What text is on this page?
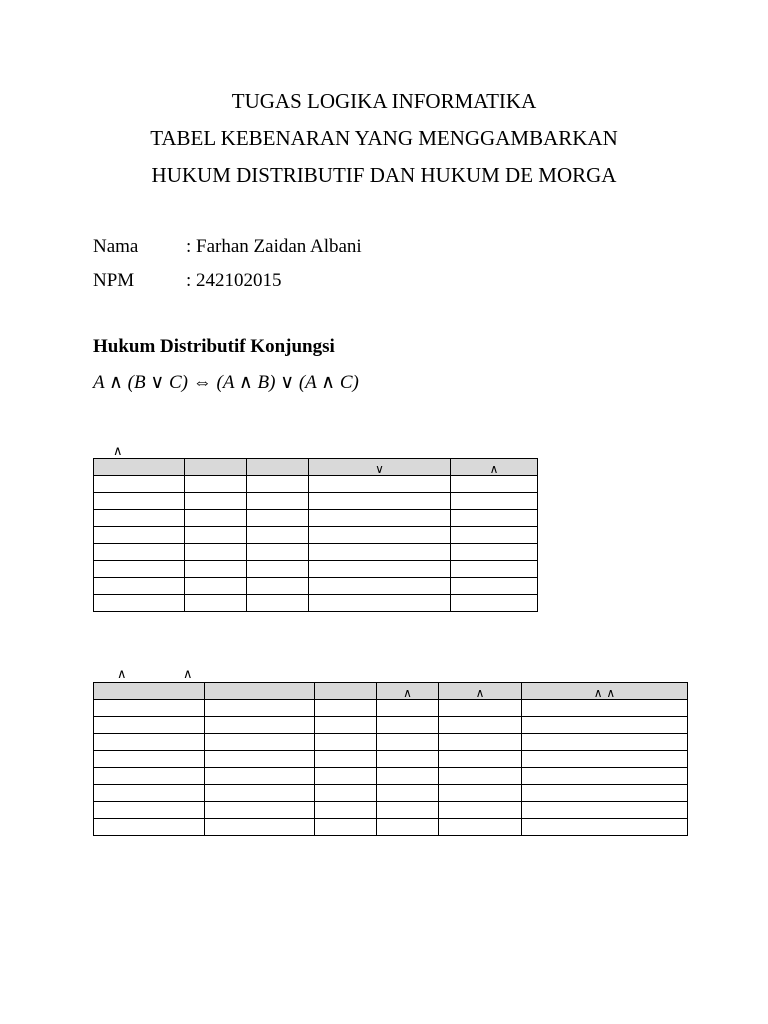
TUGAS LOGIKA INFORMATIKA
TABEL KEBENARAN YANG MENGGAMBARKAN
HUKUM DISTRIBUTIF DAN HUKUM DE MORGA
Nama	: Farhan Zaidan Albani
NPM	: 242102015
Hukum Distributif Konjungsi
A ∧ (B ∨ C) ⇔ (A ∧ B) ∨ (A ∧ C)
∧
			∨	∧

∧	∧
			∧	∧	∧ ∧
